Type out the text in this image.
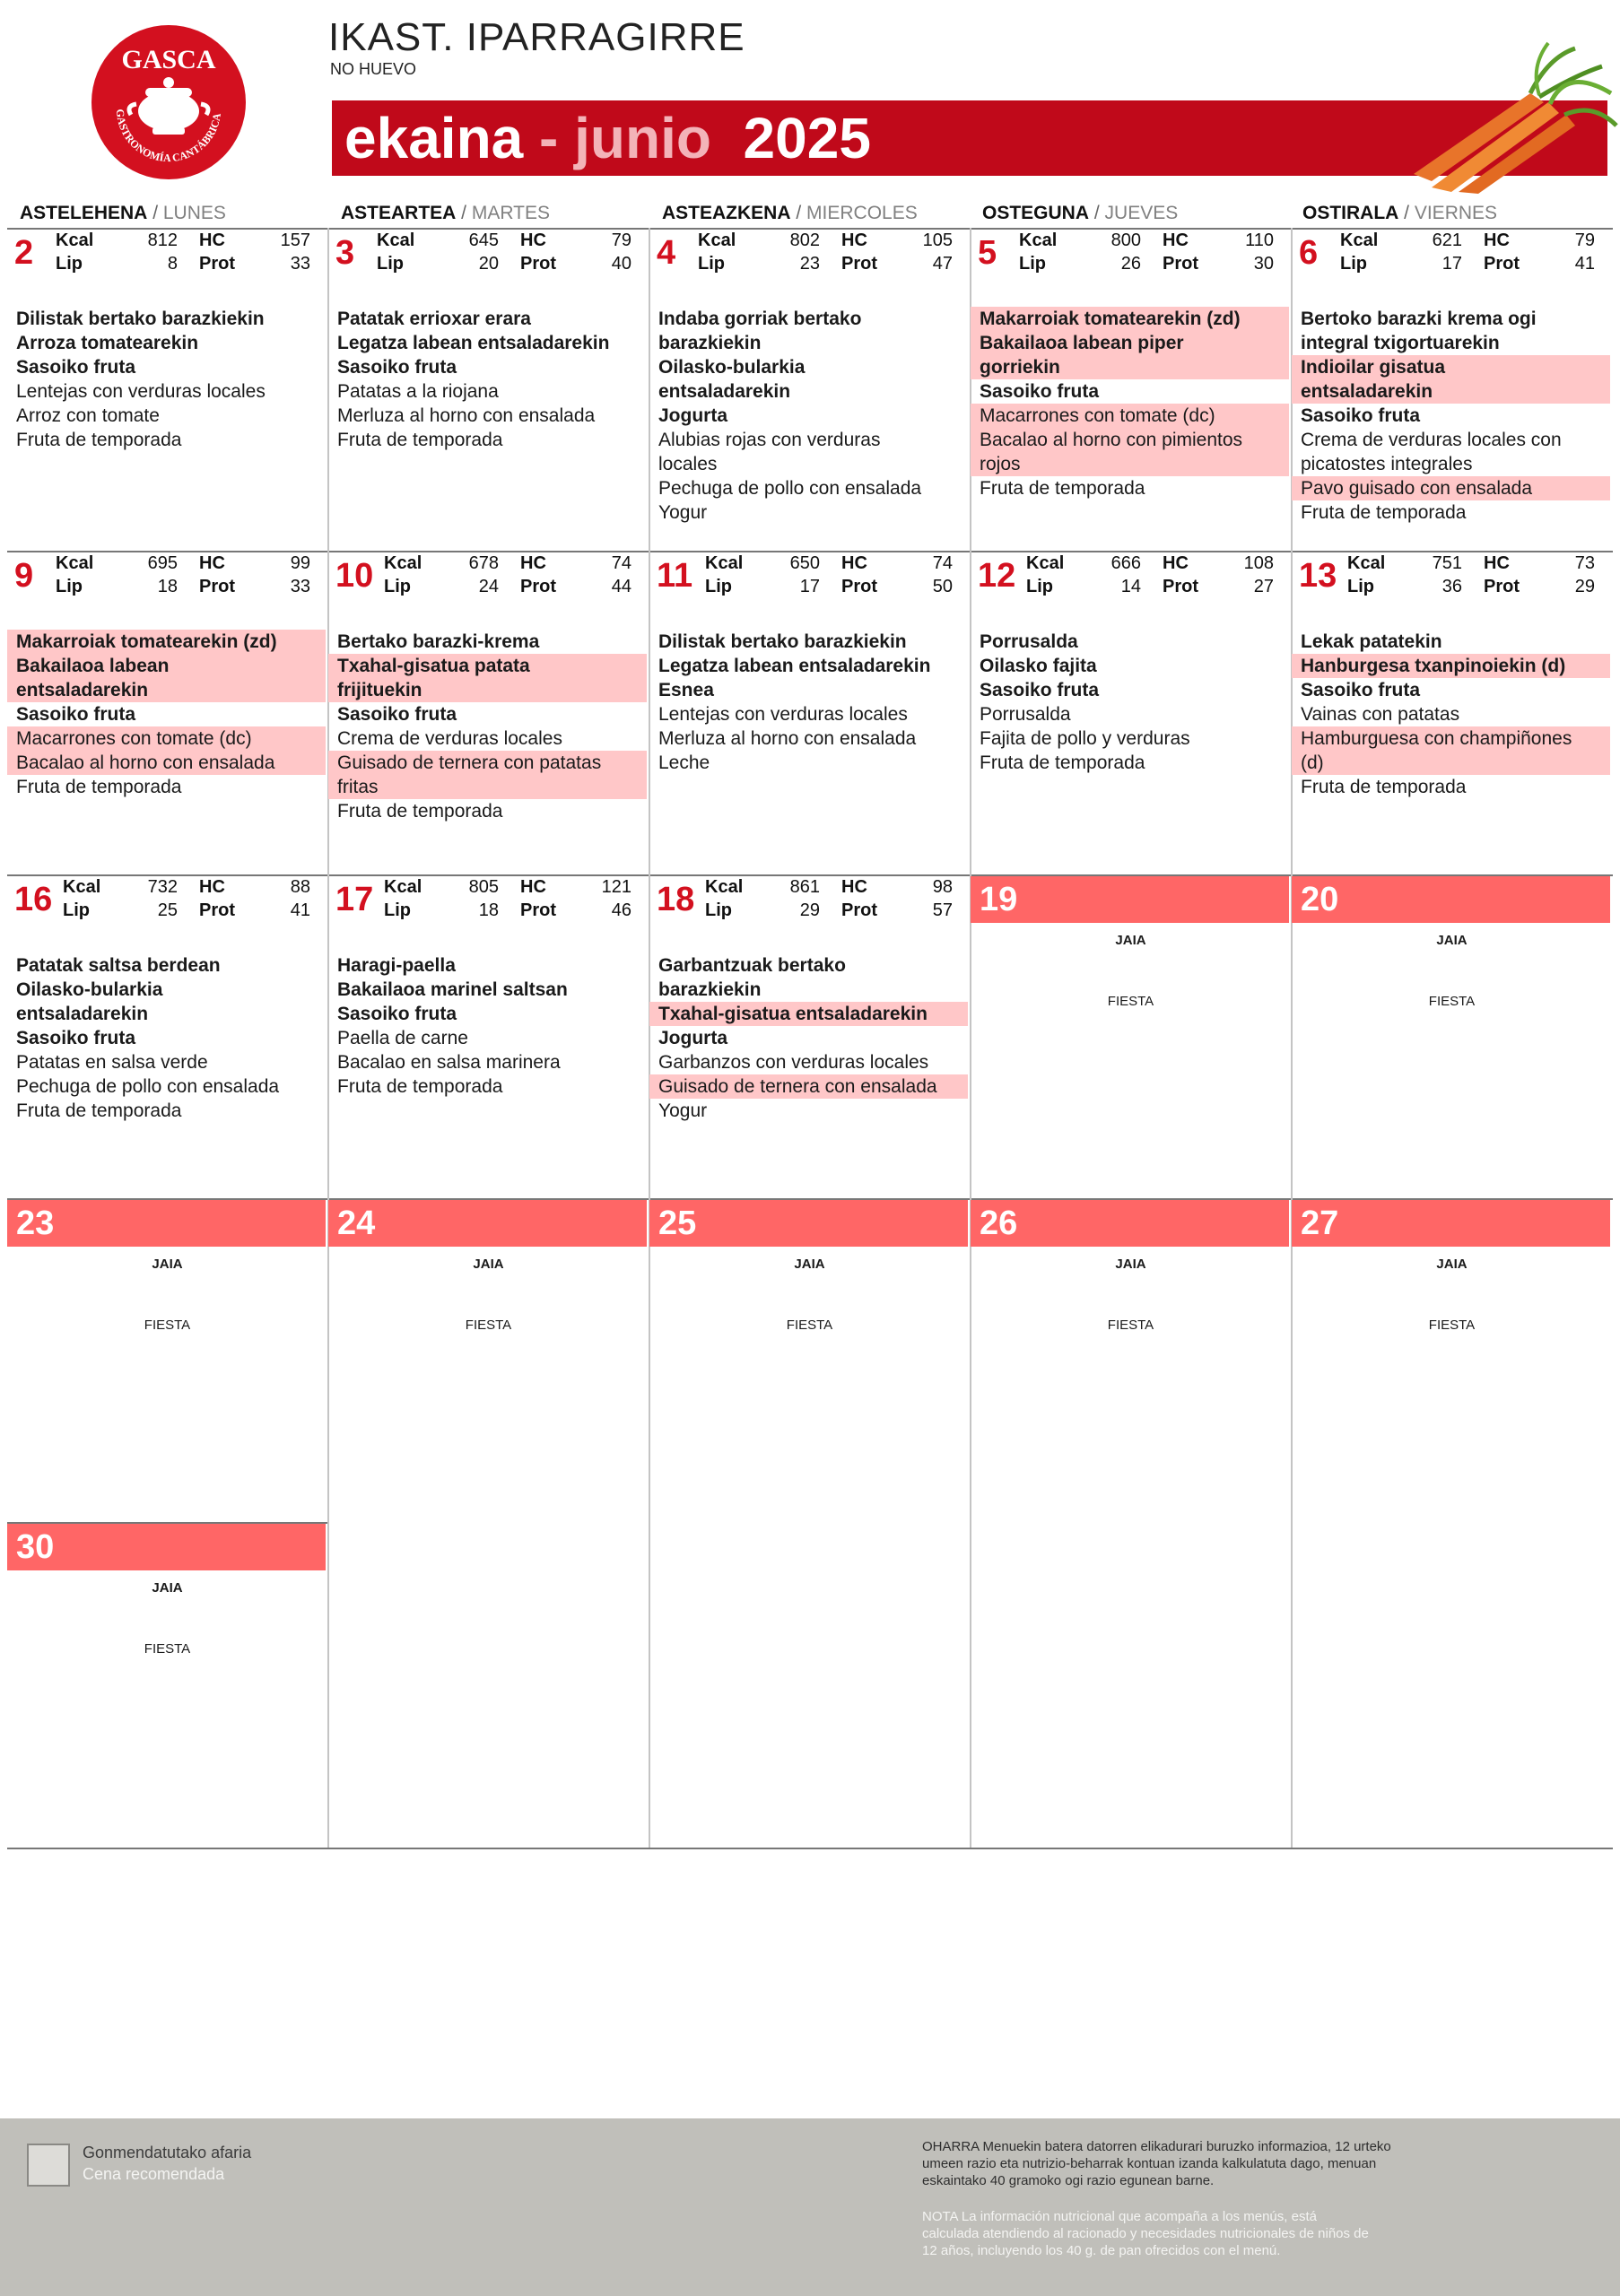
GASCA
GASTRONOMÍA CANTÁBRICA
IKAST. IPARRAGIRRE
NO HUEVO
ekaina - junio 2025
ASTELEHENA / LUNES	ASTEARTEA / MARTES	ASTEAZKENA / MIERCOLES	OSTEGUNA / JUEVES	OSTIRALA / VIERNES
2 Kcal	812 HC	157
Lip	8 Prot	33
Dilistak bertako barazkiekin
Arroza tomatearekin
Sasoiko fruta
Lentejas con verduras locales
Arroz con tomate
Fruta de temporada
3 Kcal	645 HC	79
Lip	20 Prot	40
Patatak errioxar erara
Legatza labean entsaladarekin
Sasoiko fruta
Patatas a la riojana
Merluza al horno con ensalada
Fruta de temporada
4 Kcal	802 HC	105
Lip	23 Prot	47
Indaba gorriak bertako
barazkiekin
Oilasko-bularkia
entsaladarekin
Jogurta
Alubias rojas con verduras
locales
Pechuga de pollo con ensalada
Yogur
5 Kcal	800 HC	110
Lip	26 Prot	30
Makarroiak tomatearekin (zd)
Bakailaoa labean piper
gorriekin
Sasoiko fruta
Macarrones con tomate (dc)
Bacalao al horno con pimientos
rojos
Fruta de temporada
6 Kcal	621 HC	79
Lip	17 Prot	41
Bertoko barazki krema ogi
integral txigortuarekin
Indioilar gisatua
entsaladarekin
Sasoiko fruta
Crema de verduras locales con
picatostes integrales
Pavo guisado con ensalada
Fruta de temporada
9 Kcal	695 HC	99
Lip	18 Prot	33
Makarroiak tomatearekin (zd)
Bakailaoa labean
entsaladarekin
Sasoiko fruta
Macarrones con tomate (dc)
Bacalao al horno con ensalada
Fruta de temporada
10 Kcal	678 HC	74
Lip	24 Prot	44
Bertako barazki-krema
Txahal-gisatua patata
frijituekin
Sasoiko fruta
Crema de verduras locales
Guisado de ternera con patatas
fritas
Fruta de temporada
11 Kcal	650 HC	74
Lip	17 Prot	50
Dilistak bertako barazkiekin
Legatza labean entsaladarekin
Esnea
Lentejas con verduras locales
Merluza al horno con ensalada
Leche
12 Kcal	666 HC	108
Lip	14 Prot	27
Porrusalda
Oilasko fajita
Sasoiko fruta
Porrusalda
Fajita de pollo y verduras
Fruta de temporada
13 Kcal	751 HC	73
Lip	36 Prot	29
Lekak patatekin
Hanburgesa txanpinoiekin (d)
Sasoiko fruta
Vainas con patatas
Hamburguesa con champiñones
(d)
Fruta de temporada
16 Kcal	732 HC	88
Lip	25 Prot	41
Patatak saltsa berdean
Oilasko-bularkia
entsaladarekin
Sasoiko fruta
Patatas en salsa verde
Pechuga de pollo con ensalada
Fruta de temporada
17 Kcal	805 HC	121
Lip	18 Prot	46
Haragi-paella
Bakailaoa marinel saltsan
Sasoiko fruta
Paella de carne
Bacalao en salsa marinera
Fruta de temporada
18 Kcal	861 HC	98
Lip	29 Prot	57
Garbantzuak bertako
barazkiekin
Txahal-gisatua entsaladarekin
Jogurta
Garbanzos con verduras locales
Guisado de ternera con ensalada
Yogur
19
JAIA
FIESTA
20
JAIA
FIESTA
23
JAIA
FIESTA
24
JAIA
FIESTA
25
JAIA
FIESTA
26
JAIA
FIESTA
27
JAIA
FIESTA
30
JAIA
FIESTA
Gonmendatutako afaria
Cena recomendada
OHARRA Menuekin batera datorren elikadurari buruzko informazioa, 12 urteko umeen razio eta nutrizio-beharrak kontuan izanda kalkulatuta dago, menuan eskaintako 40 gramoko ogi razio egunean barne.
NOTA La información nutricional que acompaña a los menús, está calculada atendiendo al racionado y necesidades nutricionales de niños de 12 años, incluyendo los 40 g. de pan ofrecidos con el menú.
